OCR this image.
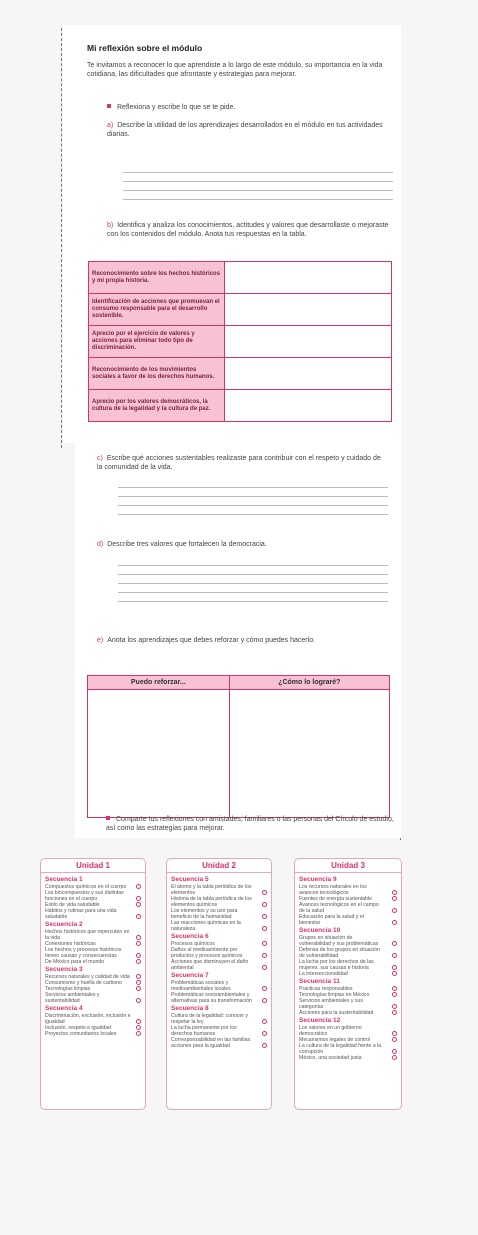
Mi reflexión sobre el módulo
Te invitamos a reconocer lo que aprendiste a lo largo de este módulo, su importancia en la vida cotidiana, las dificultades que afrontaste y estrategias para mejorar.
Reflexiona y escribe lo que se te pide.
a) Describe la utilidad de los aprendizajes desarrollados en el módulo en tus actividades diarias.
b) Identifica y analiza los conocimientos, actitudes y valores que desarrollaste o mejoraste con los contenidos del módulo. Anota tus respuestas en la tabla.
Reconocimiento sobre los hechos históricos y mi propia historia.	
Identificación de acciones que promuevan el consumo responsable para el desarrollo sostenible.	
Aprecio por el ejercicio de valores y acciones para eliminar todo tipo de discriminación.	
Reconocimiento de los movimientos sociales a favor de los derechos humanos.	
Aprecio por los valores democráticos, la cultura de la legalidad y la cultura de paz.	
c) Escribe qué acciones sustentables realizaste para contribuir con el respeto y cuidado de la comunidad de la vida.
d) Describe tres valores que fortalecen la democracia.
e) Anota los aprendizajes que debes reforzar y cómo puedes hacerlo.
Puedo reforzar...	¿Cómo lo lograré?

Comparte tus reflexiones con amistades, familiares o las personas del Círculo de estudio, así como las estrategias para mejorar.
Unidad 1
Secuencia 1
Compuestos químicos en el cuerpo
Los biocompuestos y sus distintas funciones en el cuerpo
Estilo de vida saludable
Hábitos y rutinas para una vida saludable
Secuencia 2
Hechos históricos que repercuten en la vida
Conexiones históricas
Los hechos y procesos históricos tienen causas y consecuencias
De México para el mundo
Secuencia 3
Recursos naturales y calidad de vida
Consumismo y huella de carbono
Tecnologías limpias
Servicios ambientales y sustentabilidad
Secuencia 4
Discriminación, exclusión, inclusión e igualdad
Inclusión, respeto e igualdad
Proyectos comunitarios locales
Unidad 2
Secuencia 5
El átomo y la tabla periódica de los elementos
Historia de la tabla periódica de los elementos químicos
Los elementos y su uso para beneficio de la humanidad
Las reacciones químicas en la naturaleza
Secuencia 6
Procesos químicos
Daños al medioambiente por productos y procesos químicos
Acciones que disminuyen el daño ambiental
Secuencia 7
Problemáticas sociales y medioambientales locales
Problemáticas socioambientales y alternativas para su transformación
Secuencia 8
Cultura de la legalidad: conocer y respetar la ley
La lucha permanente por los derechos humanos
Corresponsabilidad en las familias: acciones para la igualdad
Unidad 3
Secuencia 9
Los recursos naturales en los avances tecnológicos
Fuentes de energía sustentable
Avances tecnológicos en el campo de la salud
Educación para la salud y el bienestar
Secuencia 10
Grupos en situación de vulnerabilidad y sus problemáticas
Defensa de los grupos en situación de vulnerabilidad
La lucha por los derechos de las mujeres, sus causas e historia
La interseccionalidad
Secuencia 11
Prácticas responsables
Tecnologías limpias en México
Servicios ambientales y sus categorías
Acciones para la sustentabilidad
Secuencia 12
Los valores en un gobierno democrático
Mecanismos legales de control
La cultura de la legalidad frente a la corrupción
México, una sociedad justa
